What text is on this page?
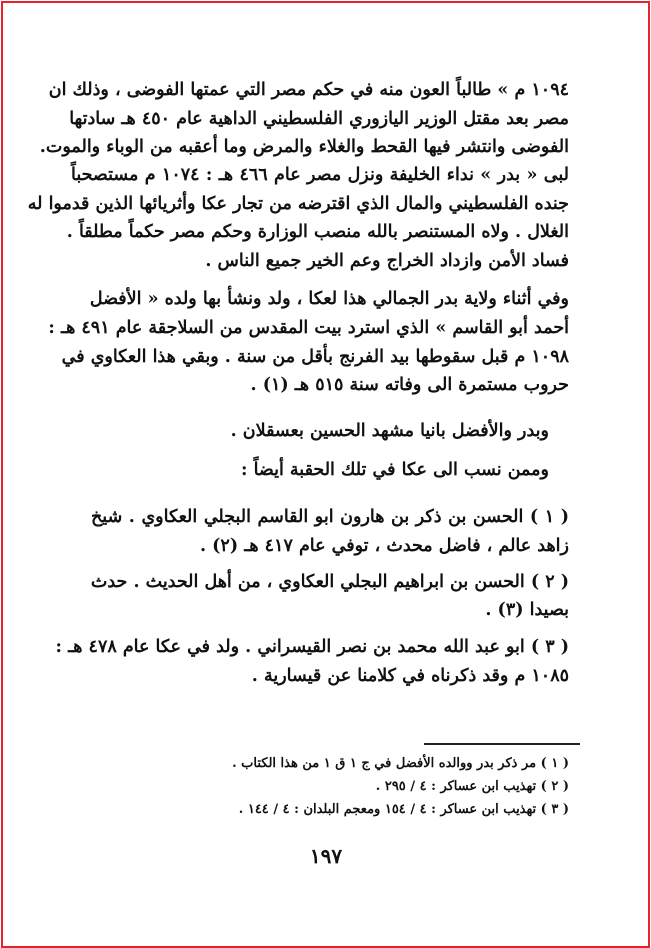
١٠٩٤ م » طالباً العون منه في حكم مصر التي عمتها الفوضى ، وذلك ان
مصر بعد مقتل الوزير اليازوري الفلسطيني الداهية عام ٤٥٠ هـ سادتها
الفوضى وانتشر فيها القحط والغلاء والمرض وما أعقبه من الوباء والموت.
لبى « بدر » نداء الخليفة ونزل مصر عام ٤٦٦ هـ : ١٠٧٤ م مستصحباً
جنده الفلسطيني والمال الذي اقترضه من تجار عكا وأثريائها الذين قدموا له
الغلال . ولاه المستنصر بالله منصب الوزارة وحكم مصر حكماً مطلقاً .
فساد الأمن وازداد الخراج وعم الخير جميع الناس .
وفي أثناء ولاية بدر الجمالي هذا لعكا ، ولد ونشأ بها ولده « الأفضل
أحمد أبو القاسم » الذي استرد بيت المقدس من السلاجقة عام ٤٩١ هـ :
١٠٩٨ م قبل سقوطها بيد الفرنج بأقل من سنة . وبقي هذا العكاوي في
حروب مستمرة الى وفاته سنة ٥١٥ هـ (١) .
وبدر والأفضل بانيا مشهد الحسين بعسقلان .
وممن نسب الى عكا في تلك الحقبة أيضاً :
( ١ ) الحسن بن ذكر بن هارون ابو القاسم البجلي العكاوي . شيخ
زاهد عالم ، فاضل محدث ، توفي عام ٤١٧ هـ (٢) .
( ٢ ) الحسن بن ابراهيم البجلي العكاوي ، من أهل الحديث . حدث
بصيدا (٣) .
( ٣ ) ابو عبد الله محمد بن نصر القيسراني . ولد في عكا عام ٤٧٨ هـ :
١٠٨٥ م وقد ذكرناه في كلامنا عن قيسارية .
( ١ ) مر ذكر بدر ووالده الأفضل في ج ١ ق ١ من هذا الكتاب .
( ٢ ) تهذيب ابن عساكر : ٤ / ٢٩٥ .
( ٣ ) تهذيب ابن عساكر : ٤ / ١٥٤ ومعجم البلدان : ٤ / ١٤٤ .
١٩٧
